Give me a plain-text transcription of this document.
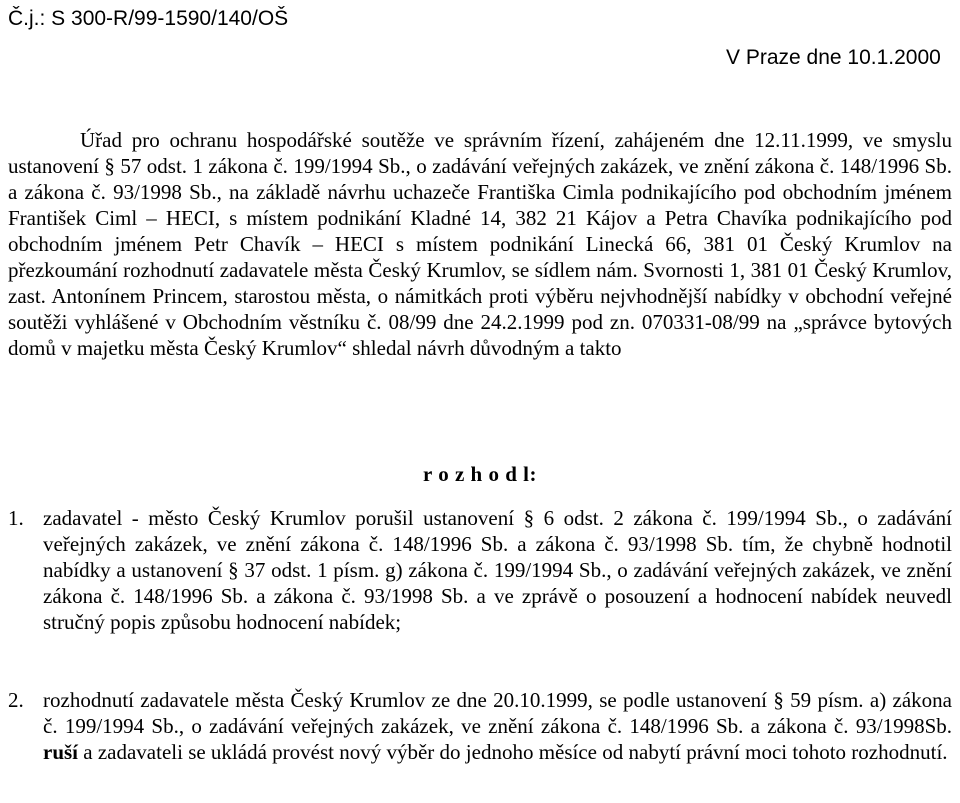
Č.j.: S 300-R/99-1590/140/OŠ
V Praze dne 10.1.2000

Úřad pro ochranu hospodářské soutěže ve správním řízení, zahájeném dne 12.11.1999, ve smyslu ustanovení § 57 odst. 1 zákona č. 199/1994 Sb., o zadávání veřejných zakázek, ve znění zákona č. 148/1996 Sb. a zákona č. 93/1998 Sb., na základě návrhu uchazeče Františka Cimla podnikajícího pod obchodním jménem František Ciml – HECI, s místem podnikání Kladné 14, 382 21 Kájov a Petra Chavíka podnikajícího pod obchodním jménem Petr Chavík – HECI s místem podnikání Linecká 66, 381 01 Český Krumlov na přezkoumání rozhodnutí zadavatele města Český Krumlov, se sídlem nám. Svornosti 1, 381 01 Český Krumlov, zast. Antonínem Princem, starostou města, o námitkách proti výběru nejvhodnější nabídky v obchodní veřejné soutěži vyhlášené v Obchodním věstníku č. 08/99 dne 24.2.1999 pod zn. 070331-08/99 na „správce bytových domů v majetku města Český Krumlov“ shledal návrh důvodným a takto

r o z h o d l:
1. zadavatel - město Český Krumlov porušil ustanovení § 6 odst. 2 zákona č. 199/1994 Sb., o zadávání veřejných zakázek, ve znění zákona č. 148/1996 Sb. a zákona č. 93/1998 Sb. tím, že chybně hodnotil nabídky a ustanovení § 37 odst. 1 písm. g) zákona č. 199/1994 Sb., o zadávání veřejných zakázek, ve znění zákona č. 148/1996 Sb. a zákona č. 93/1998 Sb. a ve zprávě o posouzení a hodnocení nabídek neuvedl stručný popis způsobu hodnocení nabídek;
2. rozhodnutí zadavatele města Český Krumlov ze dne 20.10.1999, se podle ustanovení § 59 písm. a) zákona č. 199/1994 Sb., o zadávání veřejných zakázek, ve znění zákona č. 148/1996 Sb. a zákona č. 93/1998Sb. ruší a zadavateli se ukládá provést nový výběr do jednoho měsíce od nabytí právní moci tohoto rozhodnutí.
